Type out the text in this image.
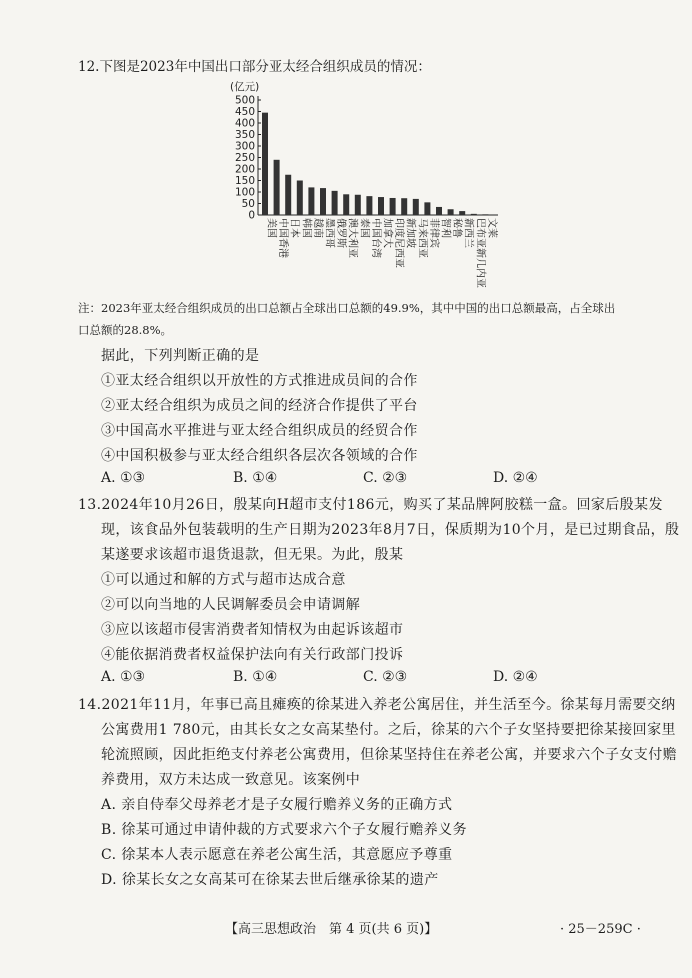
12.下图是2023年中国出口部分亚太经合组织成员的情况：
(亿元)
0
50
100
150
200
250
300
350
400
450
500
美国 中国香港 日本 韩国 越南 墨西哥 俄罗斯 澳大利亚 泰国 中国台湾 加拿大 印度尼西亚 新加坡 马来西亚 菲律宾 智利 秘鲁 新西兰 巴布亚新几内亚 文莱
注：2023年亚太经合组织成员的出口总额占全球出口总额的49.9%，其中中国的出口总额最高，占全球出
口总额的28.8%。
据此，下列判断正确的是
①亚太经合组织以开放性的方式推进成员间的合作
②亚太经合组织为成员之间的经济合作提供了平台
③中国高水平推进与亚太经合组织成员的经贸合作
④中国积极参与亚太经合组织各层次各领域的合作
A. ①③	B. ①④	C. ②③	D. ②④
13.2024年10月26日，殷某向H超市支付186元，购买了某品牌阿胶糕一盒。回家后殷某发
现，该食品外包装载明的生产日期为2023年8月7日，保质期为10个月，是已过期食品，殷
某遂要求该超市退货退款，但无果。为此，殷某
①可以通过和解的方式与超市达成合意
②可以向当地的人民调解委员会申请调解
③应以该超市侵害消费者知情权为由起诉该超市
④能依据消费者权益保护法向有关行政部门投诉
A. ①③	B. ①④	C. ②③	D. ②④
14.2021年11月，年事已高且瘫痪的徐某进入养老公寓居住，并生活至今。徐某每月需要交纳
公寓费用1 780元，由其长女之女高某垫付。之后，徐某的六个子女坚持要把徐某接回家里
轮流照顾，因此拒绝支付养老公寓费用，但徐某坚持住在养老公寓，并要求六个子女支付赡
养费用，双方未达成一致意见。该案例中
A. 亲自侍奉父母养老才是子女履行赡养义务的正确方式
B. 徐某可通过申请仲裁的方式要求六个子女履行赡养义务
C. 徐某本人表示愿意在养老公寓生活，其意愿应予尊重
D. 徐某长女之女高某可在徐某去世后继承徐某的遗产
【高三思想政治　第 4 页(共 6 页)】	· 25－259C ·
